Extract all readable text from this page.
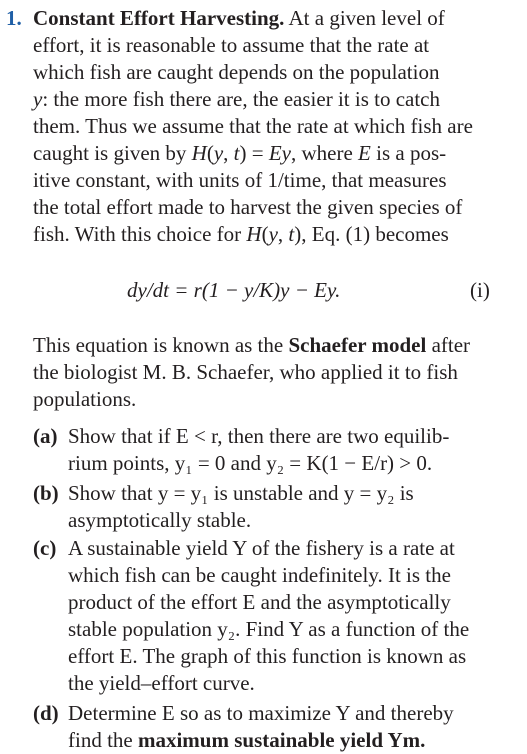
1. Constant Effort Harvesting. At a given level of
effort, it is reasonable to assume that the rate at
which fish are caught depends on the population
y: the more fish there are, the easier it is to catch
them. Thus we assume that the rate at which fish are
caught is given by H(y, t) = Ey, where E is a pos-
itive constant, with units of 1/time, that measures
the total effort made to harvest the given species of
fish. With this choice for H(y, t), Eq. (1) becomes
dy/dt = r(1 − y/K)y − Ey.	(i)
This equation is known as the Schaefer model after
the biologist M. B. Schaefer, who applied it to fish
populations.
(a) Show that if E < r, then there are two equilib-
rium points, y₁ = 0 and y₂ = K(1 − E/r) > 0.
(b) Show that y = y₁ is unstable and y = y₂ is
asymptotically stable.
(c) A sustainable yield Y of the fishery is a rate at
which fish can be caught indefinitely. It is the
product of the effort E and the asymptotically
stable population y₂. Find Y as a function of the
effort E. The graph of this function is known as
the yield–effort curve.
(d) Determine E so as to maximize Y and thereby
find the maximum sustainable yield Ym.
